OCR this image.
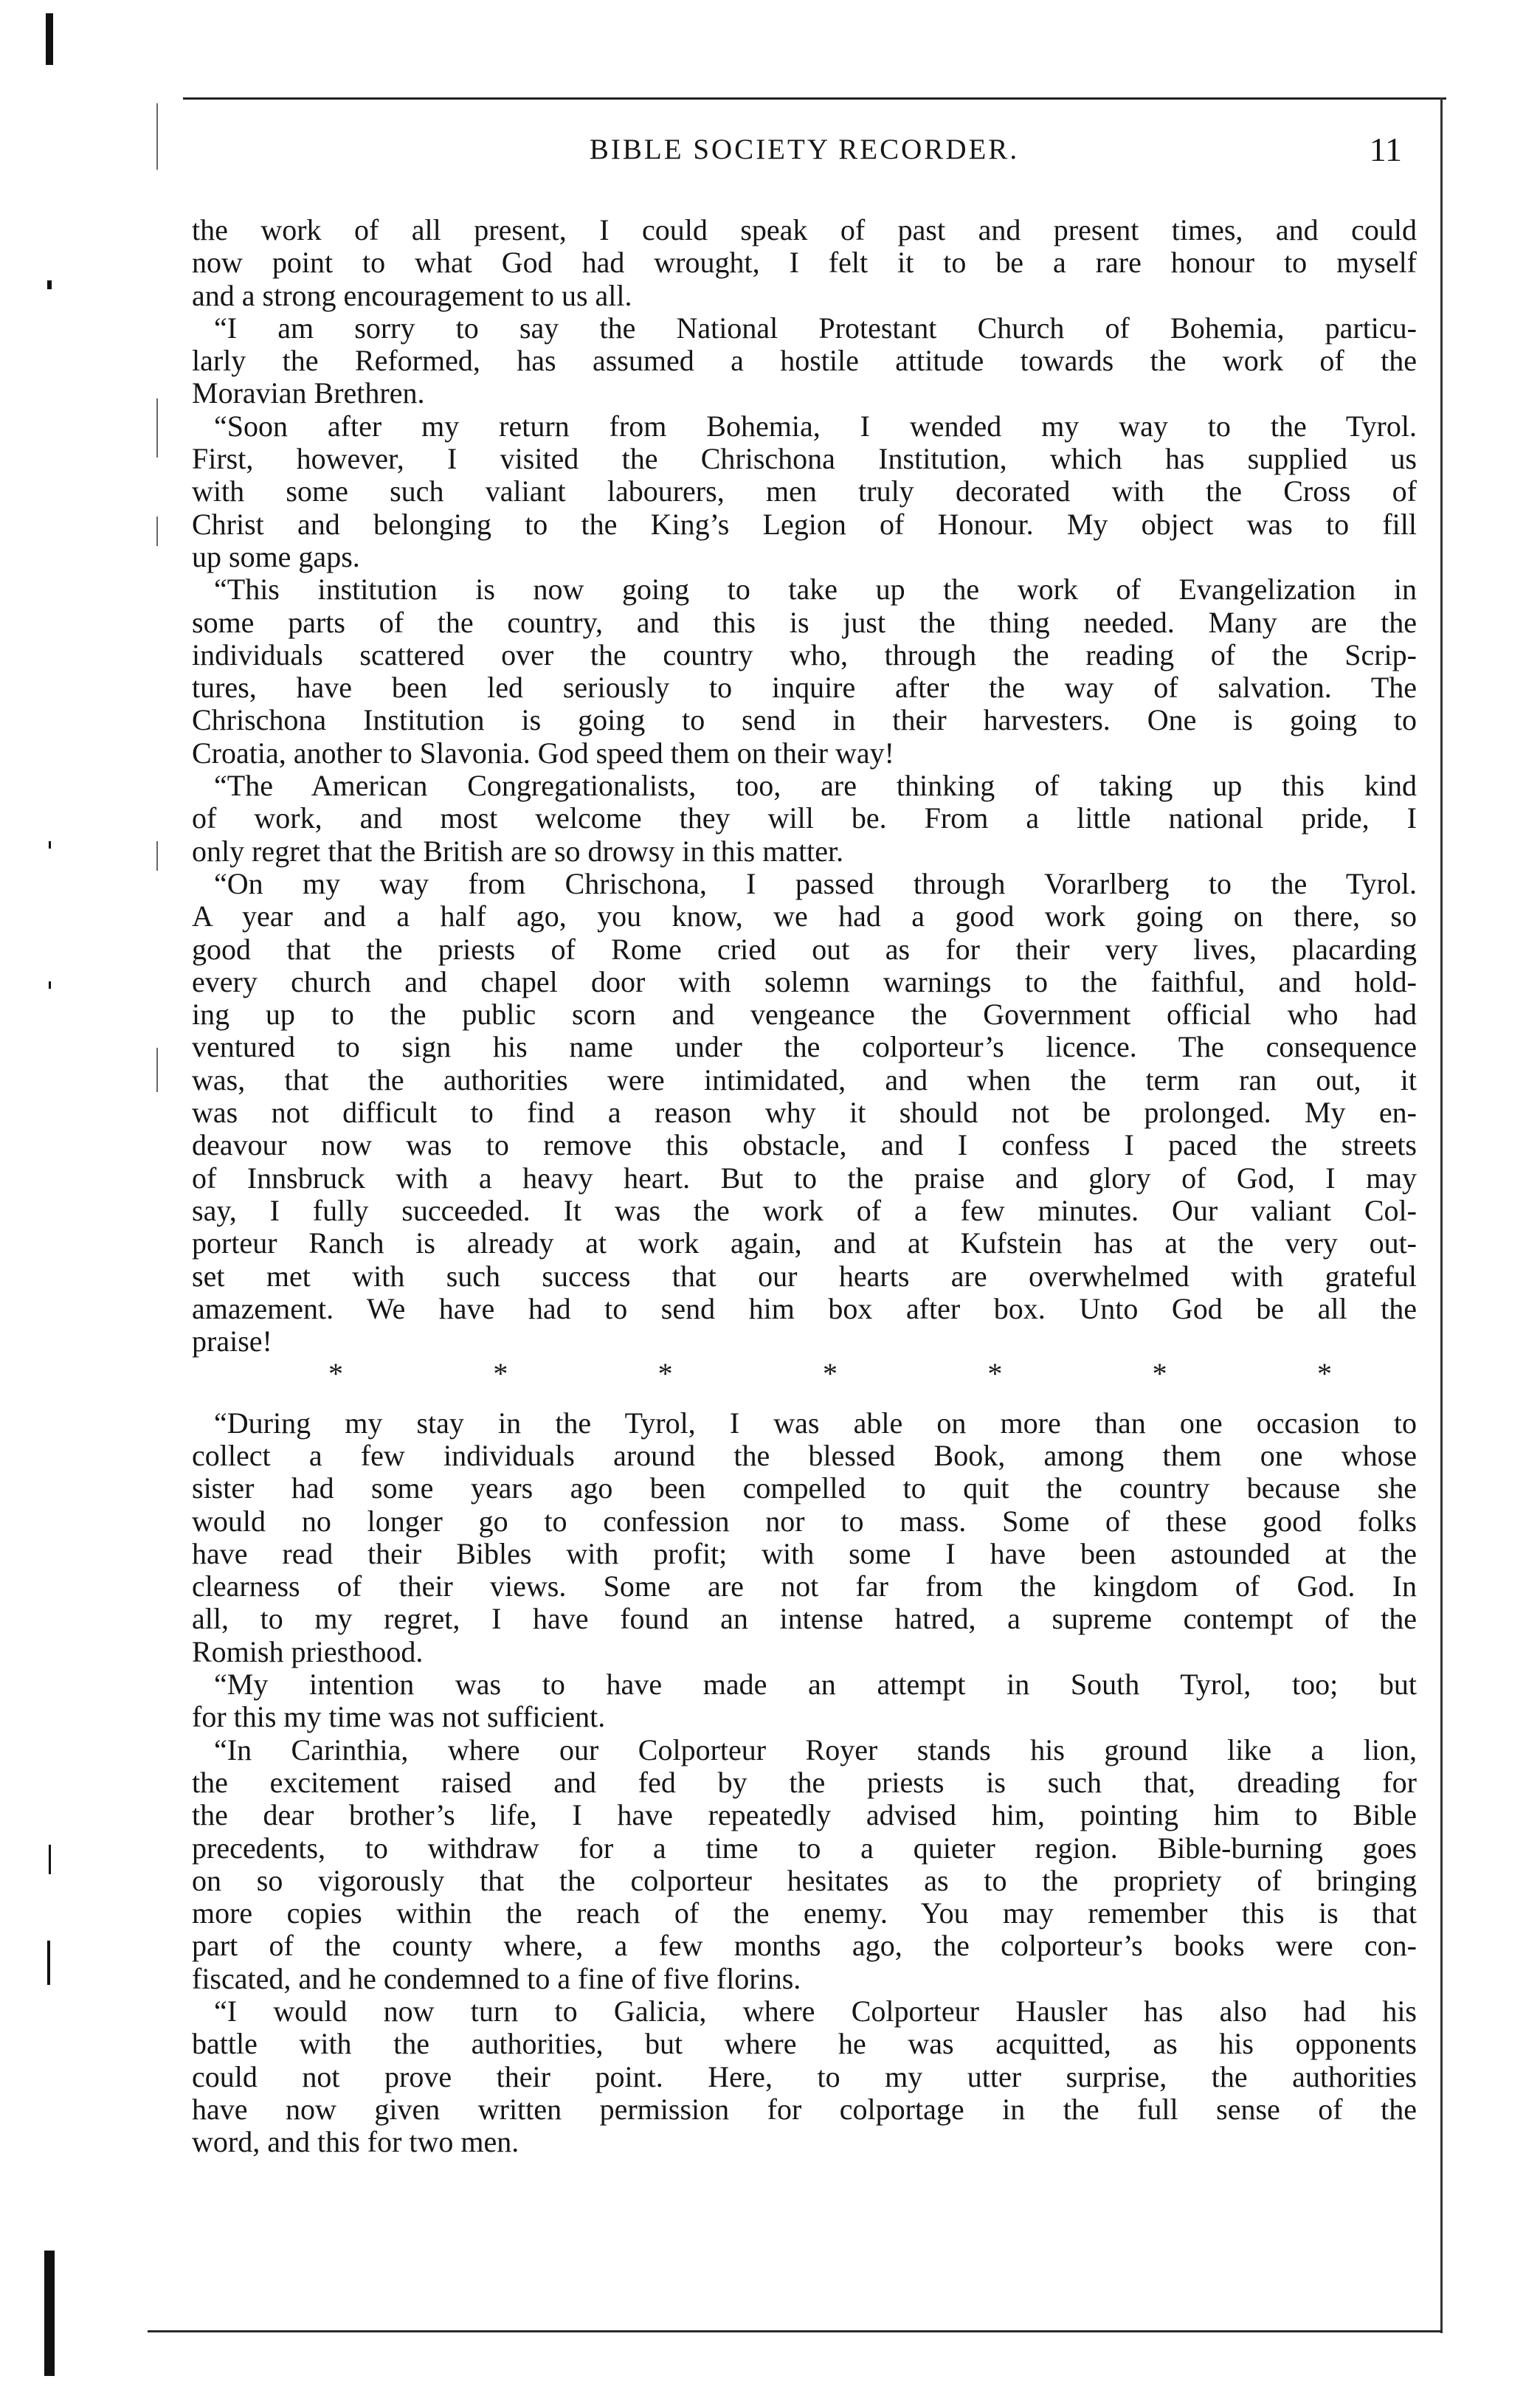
BIBLE SOCIETY RECORDER.	11
the work of all present, I could speak of past and present times, and could
now point to what God had wrought, I felt it to be a rare honour to myself
and a strong encouragement to us all.
“I am sorry to say the National Protestant Church of Bohemia, particu-
larly the Reformed, has assumed a hostile attitude towards the work of the
Moravian Brethren.
“Soon after my return from Bohemia, I wended my way to the Tyrol.
First, however, I visited the Chrischona Institution, which has supplied us
with some such valiant labourers, men truly decorated with the Cross of
Christ and belonging to the King’s Legion of Honour. My object was to fill
up some gaps.
“This institution is now going to take up the work of Evangelization in
some parts of the country, and this is just the thing needed. Many are the
individuals scattered over the country who, through the reading of the Scrip-
tures, have been led seriously to inquire after the way of salvation. The
Chrischona Institution is going to send in their harvesters. One is going to
Croatia, another to Slavonia. God speed them on their way!
“The American Congregationalists, too, are thinking of taking up this kind
of work, and most welcome they will be. From a little national pride, I
only regret that the British are so drowsy in this matter.
“On my way from Chrischona, I passed through Vorarlberg to the Tyrol.
A year and a half ago, you know, we had a good work going on there, so
good that the priests of Rome cried out as for their very lives, placarding
every church and chapel door with solemn warnings to the faithful, and hold-
ing up to the public scorn and vengeance the Government official who had
ventured to sign his name under the colporteur’s licence. The consequence
was, that the authorities were intimidated, and when the term ran out, it
was not difficult to find a reason why it should not be prolonged. My en-
deavour now was to remove this obstacle, and I confess I paced the streets
of Innsbruck with a heavy heart. But to the praise and glory of God, I may
say, I fully succeeded. It was the work of a few minutes. Our valiant Col-
porteur Ranch is already at work again, and at Kufstein has at the very out-
set met with such success that our hearts are overwhelmed with grateful
amazement. We have had to send him box after box. Unto God be all the
praise!
*	*	*	*	*	*	*
“During my stay in the Tyrol, I was able on more than one occasion to
collect a few individuals around the blessed Book, among them one whose
sister had some years ago been compelled to quit the country because she
would no longer go to confession nor to mass. Some of these good folks
have read their Bibles with profit; with some I have been astounded at the
clearness of their views. Some are not far from the kingdom of God. In
all, to my regret, I have found an intense hatred, a supreme contempt of the
Romish priesthood.
“My intention was to have made an attempt in South Tyrol, too; but
for this my time was not sufficient.
“In Carinthia, where our Colporteur Royer stands his ground like a lion,
the excitement raised and fed by the priests is such that, dreading for
the dear brother’s life, I have repeatedly advised him, pointing him to Bible
precedents, to withdraw for a time to a quieter region. Bible-burning goes
on so vigorously that the colporteur hesitates as to the propriety of bringing
more copies within the reach of the enemy. You may remember this is that
part of the county where, a few months ago, the colporteur’s books were con-
fiscated, and he condemned to a fine of five florins.
“I would now turn to Galicia, where Colporteur Hausler has also had his
battle with the authorities, but where he was acquitted, as his opponents
could not prove their point. Here, to my utter surprise, the authorities
have now given written permission for colportage in the full sense of the
word, and this for two men.
